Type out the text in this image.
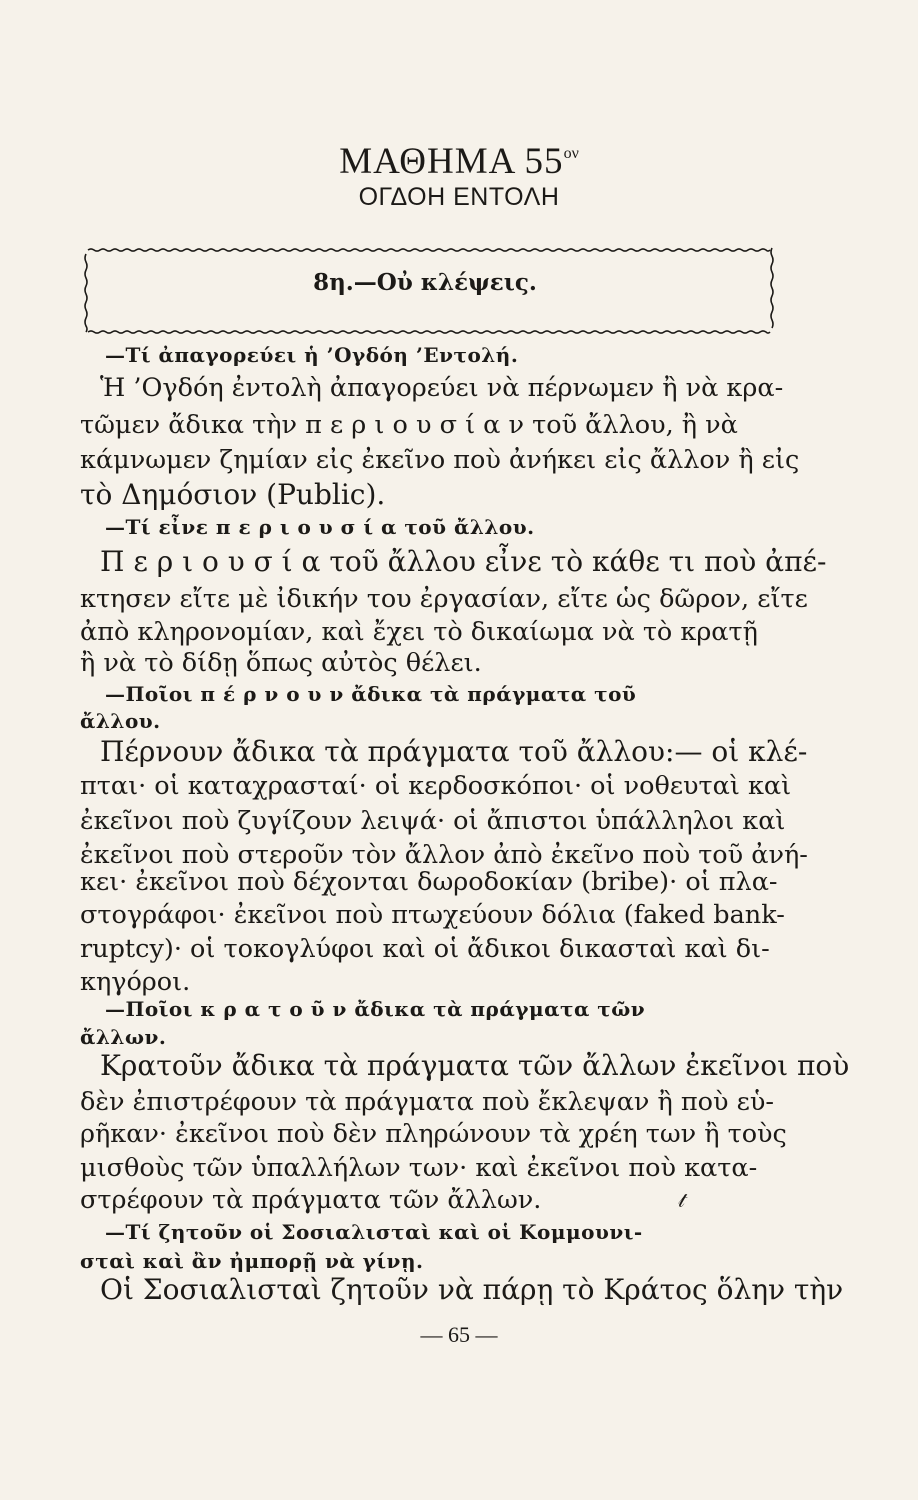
ΜΑΘΗΜΑ $55^{o\nu}$
ΟΓΔΟΗ ΕΝΤΟΛΗ
8η.—Οὐ κλέψεις.
—Τί ἀπαγορεύει ἡ ’Ογδόη ’Εντολή.
Ἡ ’Ογδόη ἐντολὴ ἀπαγορεύει νὰ πέρνωμεν ἢ νὰ κρα-
τῶμεν ἄδικα τὴν π ε ρ ι ο υ σ ί α ν τοῦ ἄλλου, ἢ νὰ
κάμνωμεν ζημίαν εἰς ἐκεῖνο ποὺ ἀνήκει εἰς ἄλλον ἢ εἰς
τὸ Δημόσιον (Public).
—Τί εἶνε π ε ρ ι ο υ σ ί α τοῦ ἄλλου.
Π ε ρ ι ο υ σ ί α τοῦ ἄλλου εἶνε τὸ κάθε τι ποὺ ἀπέ-
κτησεν εἴτε μὲ ἰδικήν του ἐργασίαν, εἴτε ὡς δῶρον, εἴτε
ἀπὸ κληρονομίαν, καὶ ἔχει τὸ δικαίωμα νὰ τὸ κρατῇ
ἢ νὰ τὸ δίδῃ ὅπως αὐτὸς θέλει.
—Ποῖοι π έ ρ ν ο υ ν ἄδικα τὰ πράγματα τοῦ
ἄλλου.
Πέρνουν ἄδικα τὰ πράγματα τοῦ ἄλλου:— οἱ κλέ-
πται· οἱ καταχρασταί· οἱ κερδοσκόποι· οἱ νοθευταὶ καὶ
ἐκεῖνοι ποὺ ζυγίζουν λειψά· οἱ ἄπιστοι ὑπάλληλοι καὶ
ἐκεῖνοι ποὺ στεροῦν τὸν ἄλλον ἀπὸ ἐκεῖνο ποὺ τοῦ ἀνή-
κει· ἐκεῖνοι ποὺ δέχονται δωροδοκίαν (bribe)· οἱ πλα-
στογράφοι· ἐκεῖνοι ποὺ πτωχεύουν δόλια (faked bank-
ruptcy)· οἱ τοκογλύφοι καὶ οἱ ἄδικοι δικασταὶ καὶ δι-
κηγόροι.
—Ποῖοι κ ρ α τ ο ῦ ν ἄδικα τὰ πράγματα τῶν
ἄλλων.
Κρατοῦν ἄδικα τὰ πράγματα τῶν ἄλλων ἐκεῖνοι ποὺ
δὲν ἐπιστρέφουν τὰ πράγματα ποὺ ἔκλεψαν ἢ ποὺ εὑ-
ρῆκαν· ἐκεῖνοι ποὺ δὲν πληρώνουν τὰ χρέη των ἢ τοὺς
μισθοὺς τῶν ὑπαλλήλων των· καὶ ἐκεῖνοι ποὺ κατα-
στρέφουν τὰ πράγματα τῶν ἄλλων.
—Τί ζητοῦν οἱ Σοσιαλισταὶ καὶ οἱ Κομμουνι-
σταὶ καὶ ἂν ἠμπορῇ νὰ γίνῃ.
Οἱ Σοσιαλισταὶ ζητοῦν νὰ πάρῃ τὸ Κράτος ὅλην τὴν
𝓉
— 65 —
